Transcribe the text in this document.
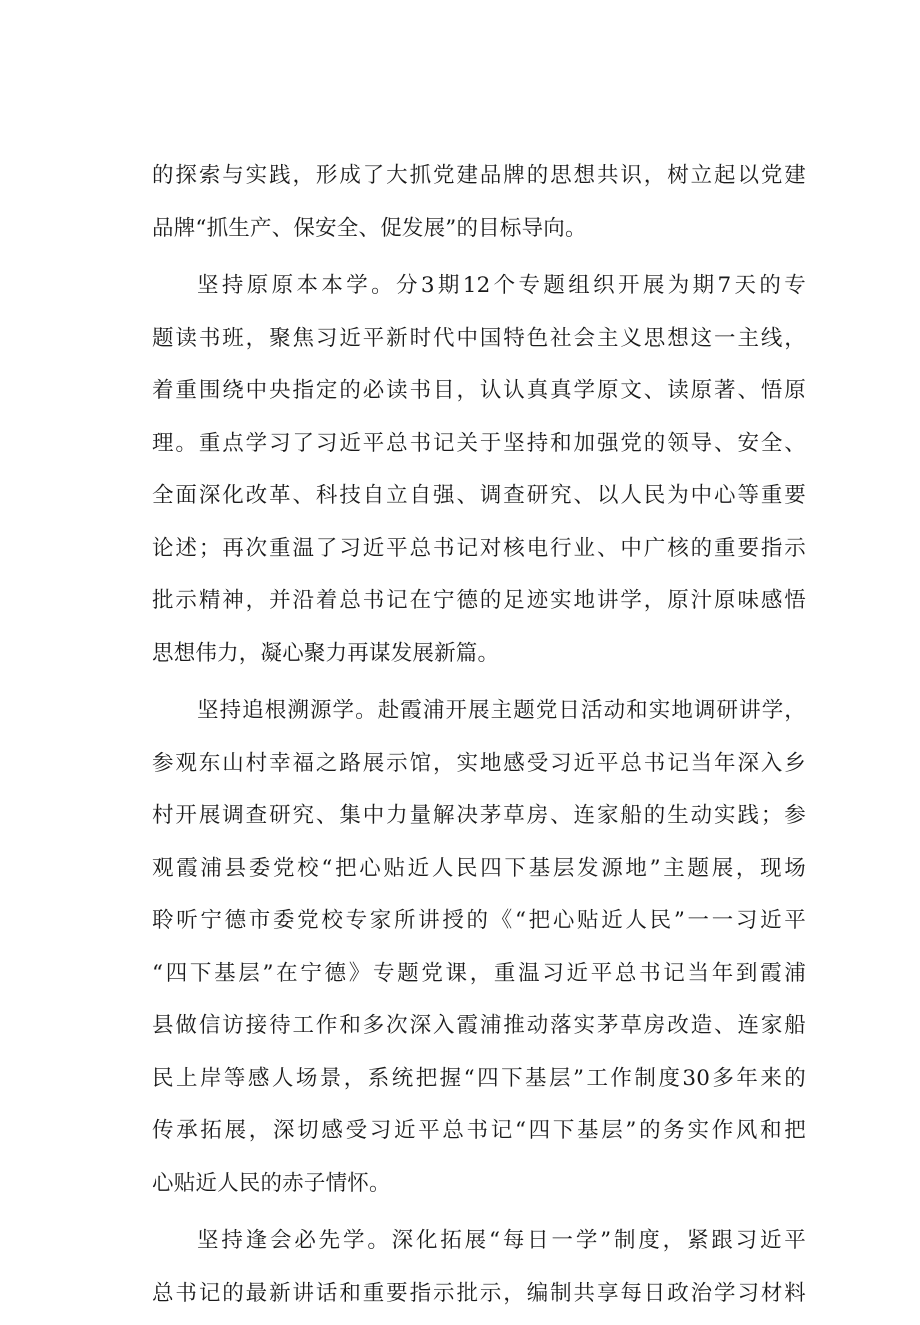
的探索与实践，形成了大抓党建品牌的思想共识，树立起以党建
品牌“抓生产、保安全、促发展”的目标导向。

坚持原原本本学。分3期12个专题组织开展为期7天的专
题读书班，聚焦习近平新时代中国特色社会主义思想这一主线，
着重围绕中央指定的必读书目，认认真真学原文、读原著、悟原
理。重点学习了习近平总书记关于坚持和加强党的领导、安全、
全面深化改革、科技自立自强、调查研究、以人民为中心等重要
论述；再次重温了习近平总书记对核电行业、中广核的重要指示
批示精神，并沿着总书记在宁德的足迹实地讲学，原汁原味感悟
思想伟力，凝心聚力再谋发展新篇。

坚持追根溯源学。赴霞浦开展主题党日活动和实地调研讲学，
参观东山村幸福之路展示馆，实地感受习近平总书记当年深入乡
村开展调查研究、集中力量解决茅草房、连家船的生动实践；参
观霞浦县委党校“把心贴近人民四下基层发源地”主题展，现场
聆听宁德市委党校专家所讲授的《“把心贴近人民”一一习近平
“四下基层”在宁德》专题党课，重温习近平总书记当年到霞浦
县做信访接待工作和多次深入霞浦推动落实茅草房改造、连家船
民上岸等感人场景，系统把握“四下基层”工作制度30多年来的
传承拓展，深切感受习近平总书记“四下基层”的务实作风和把
心贴近人民的赤子情怀。

坚持逢会必先学。深化拓展“每日一学”制度，紧跟习近平
总书记的最新讲话和重要指示批示，编制共享每日政治学习材料
